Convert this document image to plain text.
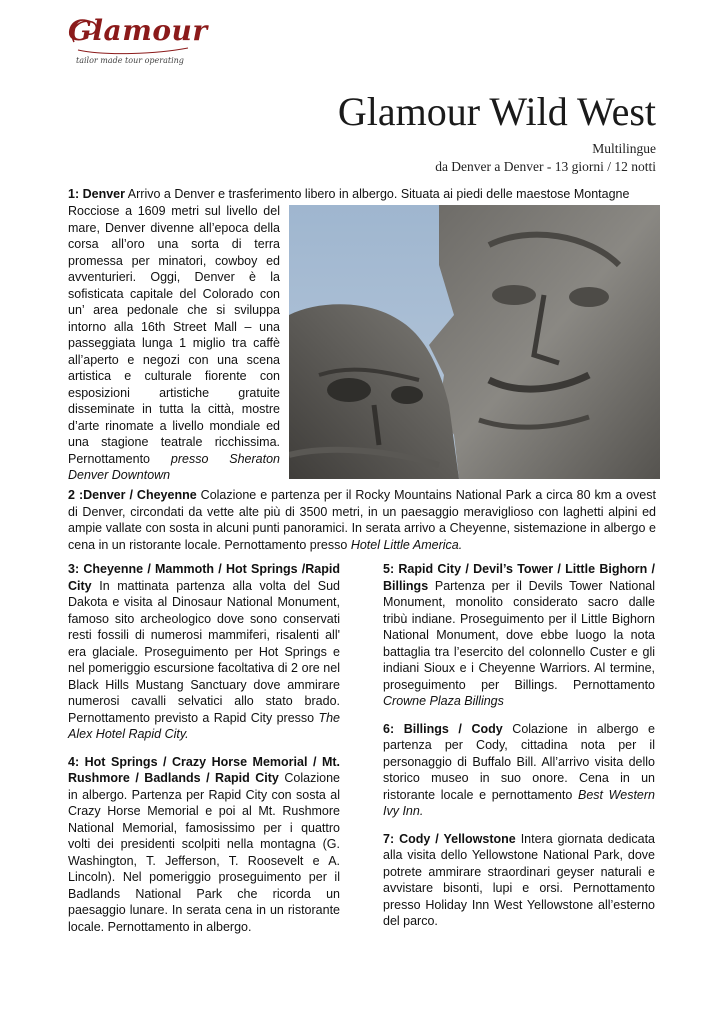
Glamour
tailor made tour operating
Glamour Wild West
Multilingue
da Denver a Denver - 13 giorni / 12 notti
1: Denver Arrivo a Denver e trasferimento libero in albergo. Situata ai piedi delle maestose Montagne
Rocciose a 1609 metri sul livello del mare, Denver divenne all’epoca della corsa all’oro una sorta di terra promessa per minatori, cowboy ed avventurieri. Oggi, Denver è la sofisticata capitale del Colorado con un’ area pedonale che si sviluppa intorno alla 16th Street Mall – una passeggiata lunga 1 miglio tra caffè all’aperto e negozi con una scena artistica e culturale fiorente con esposizioni artistiche gratuite disseminate in tutta la città, mostre d’arte rinomate a livello mondiale ed una stagione teatrale ricchissima. Pernottamento presso Sheraton Denver Downtown
2 :Denver / Cheyenne Colazione e partenza per il Rocky Mountains National Park a circa 80 km a ovest di Denver, circondati da vette alte più di 3500 metri, in un paesaggio meraviglioso con laghetti alpini ed ampie vallate con sosta in alcuni punti panoramici. In serata arrivo a Cheyenne, sistemazione in albergo e cena in un ristorante locale. Pernottamento presso Hotel Little America.

3: Cheyenne / Mammoth / Hot Springs /Rapid City In mattinata partenza alla volta del Sud Dakota e visita al Dinosaur National Monument, famoso sito archeologico dove sono conservati resti fossili di numerosi mammiferi, risalenti all' era glaciale. Proseguimento per Hot Springs e nel pomeriggio escursione facoltativa di 2 ore nel Black Hills Mustang Sanctuary dove ammirare numerosi cavalli selvatici allo stato brado. Pernottamento previsto a Rapid City presso The Alex Hotel Rapid City.

4: Hot Springs / Crazy Horse Memorial / Mt. Rushmore / Badlands / Rapid City Colazione in albergo. Partenza per Rapid City con sosta al Crazy Horse Memorial e poi al Mt. Rushmore National Memorial, famosissimo per i quattro volti dei presidenti scolpiti nella montagna (G. Washington, T. Jefferson, T. Roosevelt e A. Lincoln). Nel pomeriggio proseguimento per il Badlands National Park che ricorda un paesaggio lunare. In serata cena in un ristorante locale. Pernottamento in albergo.

5: Rapid City / Devil’s Tower / Little Bighorn / Billings Partenza per il Devils Tower National Monument, monolito considerato sacro dalle tribù indiane. Proseguimento per il Little Bighorn National Monument, dove ebbe luogo la nota battaglia tra l’esercito del colonnello Custer e gli indiani Sioux e i Cheyenne Warriors. Al termine, proseguimento per Billings. Pernottamento Crowne Plaza Billings

6: Billings / Cody Colazione in albergo e partenza per Cody, cittadina nota per il personaggio di Buffalo Bill. All’arrivo visita dello storico museo in suo onore. Cena in un ristorante locale e pernottamento Best Western Ivy Inn.

7: Cody / Yellowstone Intera giornata dedicata alla visita dello Yellowstone National Park, dove potrete ammirare straordinari geyser naturali e avvistare bisonti, lupi e orsi. Pernottamento presso Holiday Inn West Yellowstone all’esterno del parco.
